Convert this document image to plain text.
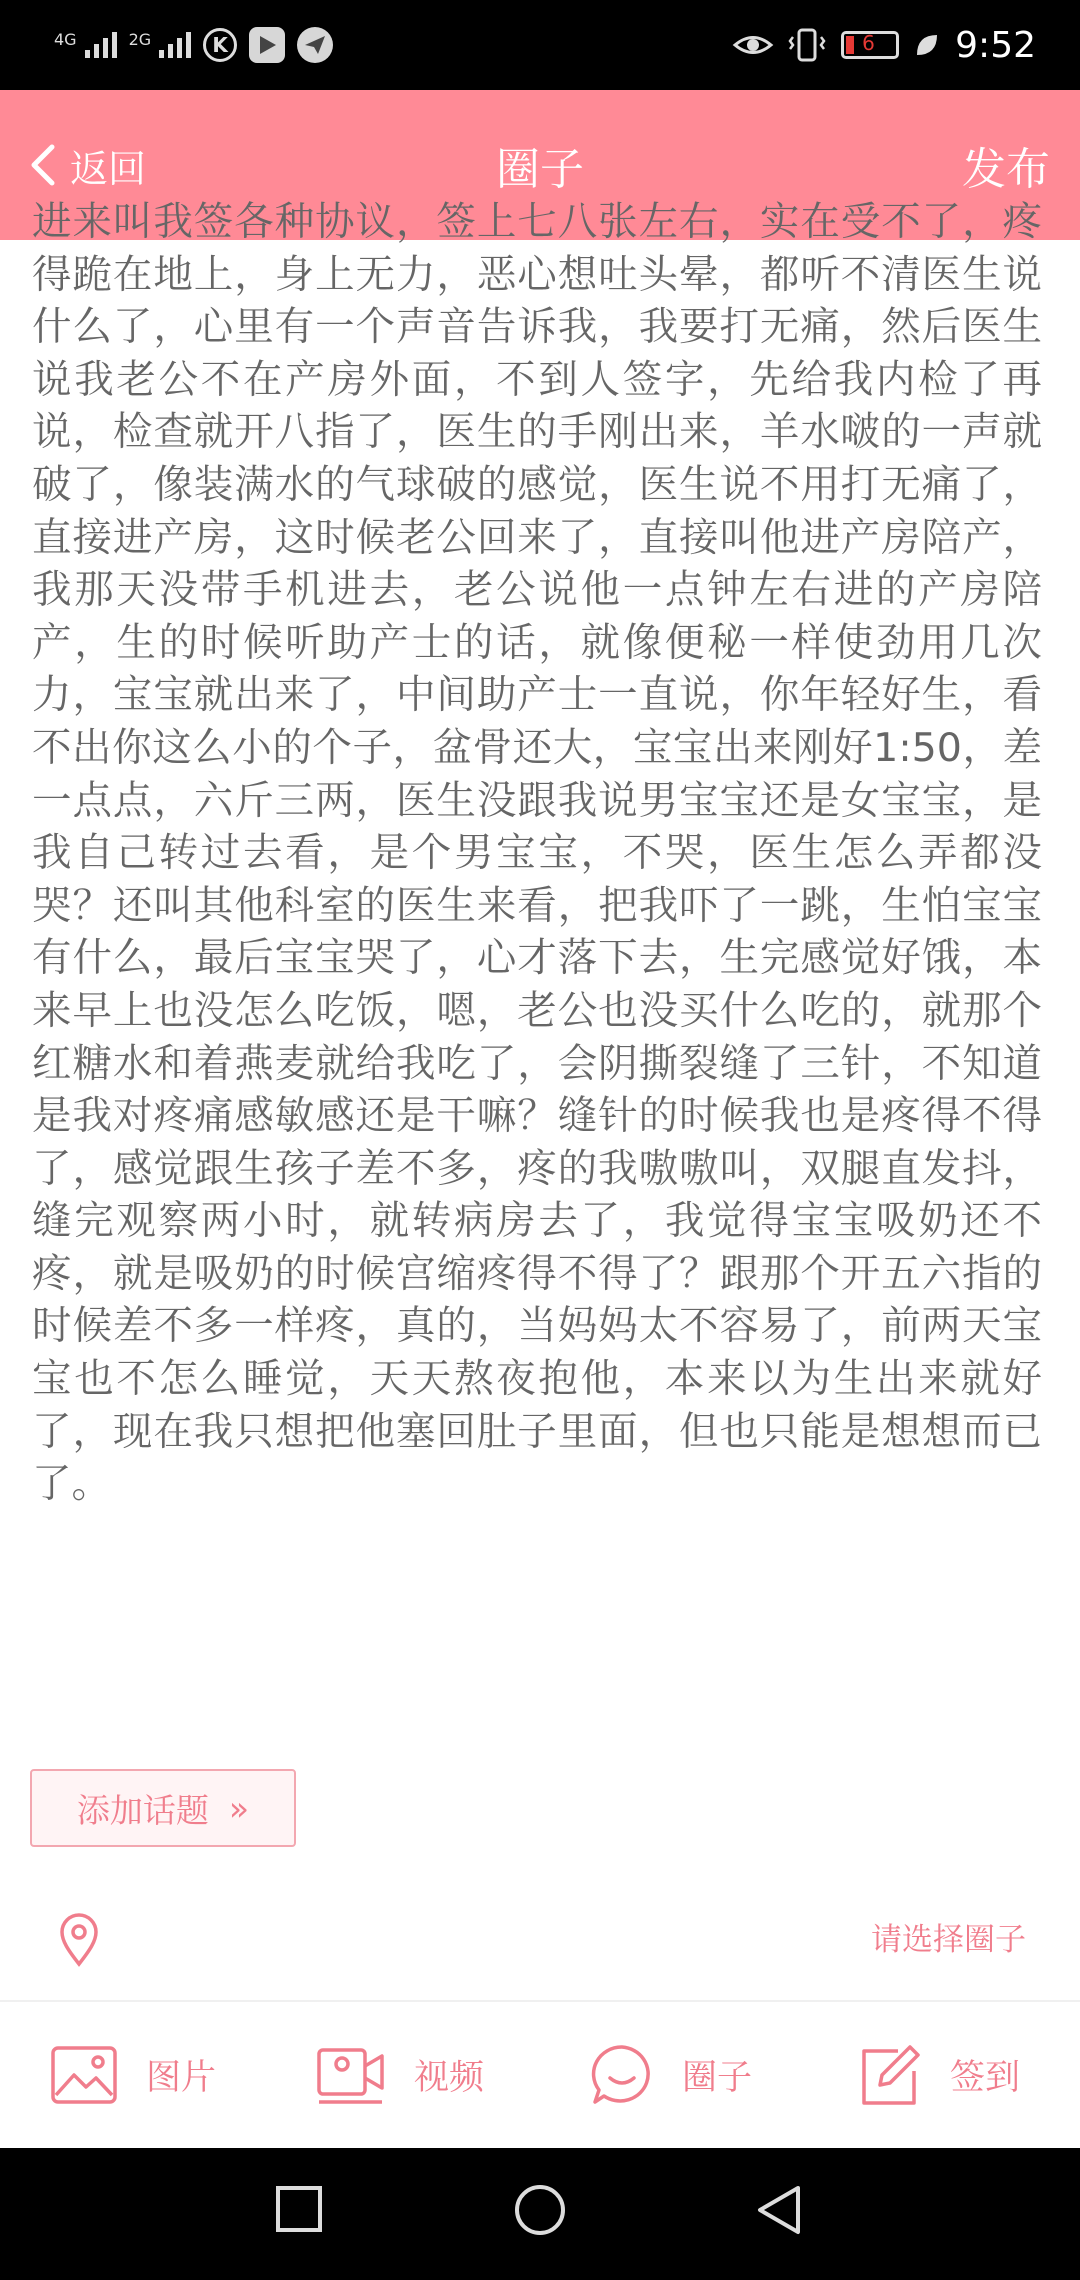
4G	2G	K	6 9:52
返回	圈子	发布

进来叫我签各种协议，签上七八张左右，实在受不了，疼得跪在地上，身上无力，恶心想吐头晕，都听不清医生说什么了，心里有一个声音告诉我，我要打无痛，然后医生说我老公不在产房外面，不到人签字，先给我内检了再说，检查就开八指了，医生的手刚出来，羊水啵的一声就破了，像装满水的气球破的感觉，医生说不用打无痛了，直接进产房，这时候老公回来了，直接叫他进产房陪产，我那天没带手机进去，老公说他一点钟左右进的产房陪产，生的时候听助产士的话，就像便秘一样使劲用几次力，宝宝就出来了，中间助产士一直说，你年轻好生，看不出你这么小的个子，盆骨还大，宝宝出来刚好1:50，差一点点，六斤三两，医生没跟我说男宝宝还是女宝宝，是我自己转过去看，是个男宝宝，不哭，医生怎么弄都没哭？还叫其他科室的医生来看，把我吓了一跳，生怕宝宝有什么，最后宝宝哭了，心才落下去，生完感觉好饿，本来早上也没怎么吃饭，嗯，老公也没买什么吃的，就那个红糖水和着燕麦就给我吃了，会阴撕裂缝了三针，不知道是我对疼痛感敏感还是干嘛？缝针的时候我也是疼得不得了，感觉跟生孩子差不多，疼的我嗷嗷叫，双腿直发抖，缝完观察两小时，就转病房去了，我觉得宝宝吸奶还不疼，就是吸奶的时候宫缩疼得不得了？跟那个开五六指的时候差不多一样疼，真的，当妈妈太不容易了，前两天宝宝也不怎么睡觉，天天熬夜抱他，本来以为生出来就好了，现在我只想把他塞回肚子里面，但也只能是想想而已了。

添加话题 »
请选择圈子
图片	视频	圈子	签到
